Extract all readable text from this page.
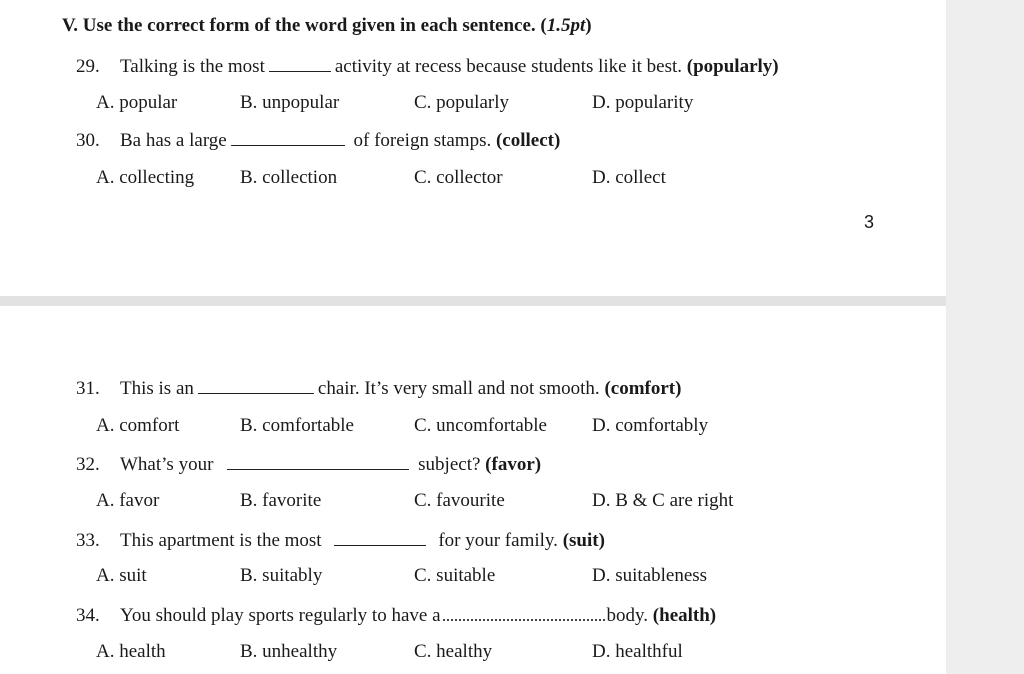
V. Use the correct form of the word given in each sentence. (1.5pt)
29. Talking is the most	activity at recess because students like it best. (popularly)
A. popular	B. unpopular	C. popularly	D. popularity
30. Ba has a large	of foreign stamps. (collect)
A. collecting B. collection	C. collector	D. collect
3
31. This is an	chair. It’s very small and not smooth. (comfort)
A. comfort	B. comfortable	C. uncomfortable D. comfortably
32. What’s your	subject? (favor)
A. favor	B. favorite	C. favourite	D. B & C are right
33. This apartment is the most	for your family. (suit)
A. suit	B. suitably	C. suitable	D. suitableness
34. You should play sports regularly to have a	body. (health)
A. health	B. unhealthy	C. healthy	D. healthful
